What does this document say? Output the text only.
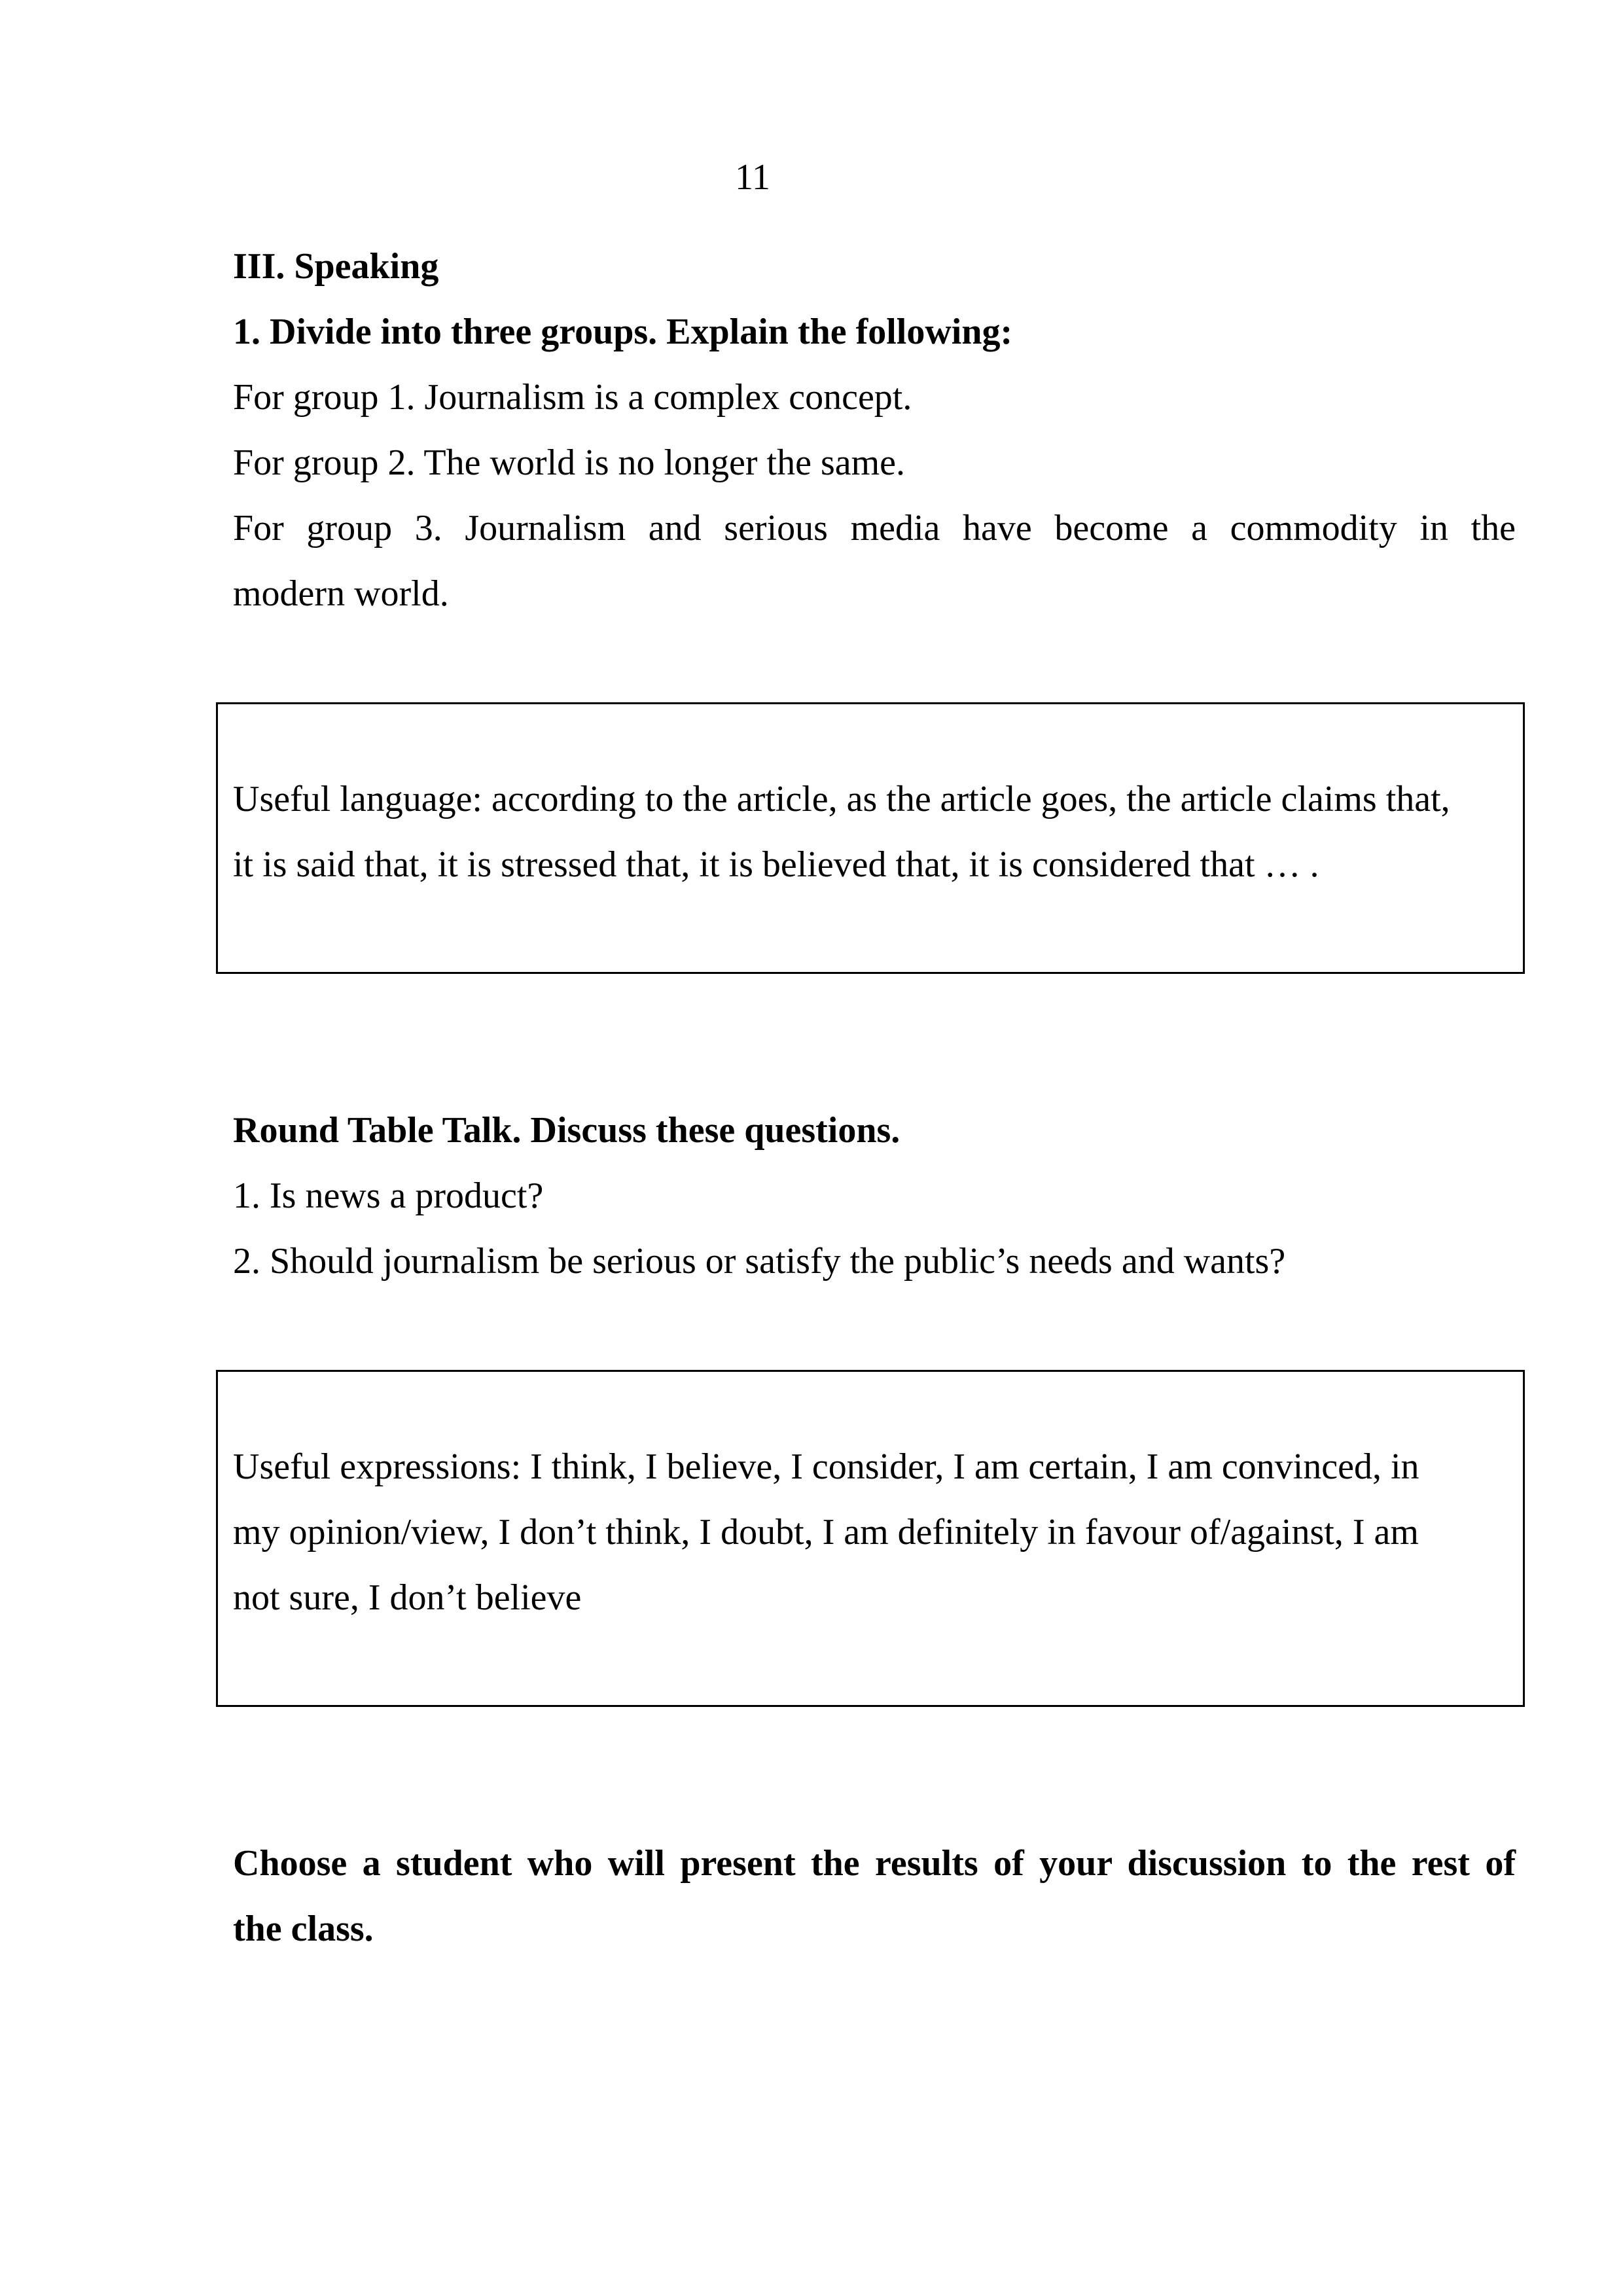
11
III. Speaking
1. Divide into three groups. Explain the following:
For group 1. Journalism is a complex concept.
For group 2. The world is no longer the same.
For group 3. Journalism and serious media have become a commodity in the
modern world.
Useful language: according to the article, as the article goes, the article claims that,
it is said that, it is stressed that, it is believed that, it is considered that … .
Round Table Talk. Discuss these questions.
1. Is news a product?
2. Should journalism be serious or satisfy the public’s needs and wants?
Useful expressions: I think, I believe, I consider, I am certain, I am convinced, in
my opinion/view, I don’t think, I doubt, I am definitely in favour of/against, I am
not sure, I don’t believe
Choose a student who will present the results of your discussion to the rest of
the class.
